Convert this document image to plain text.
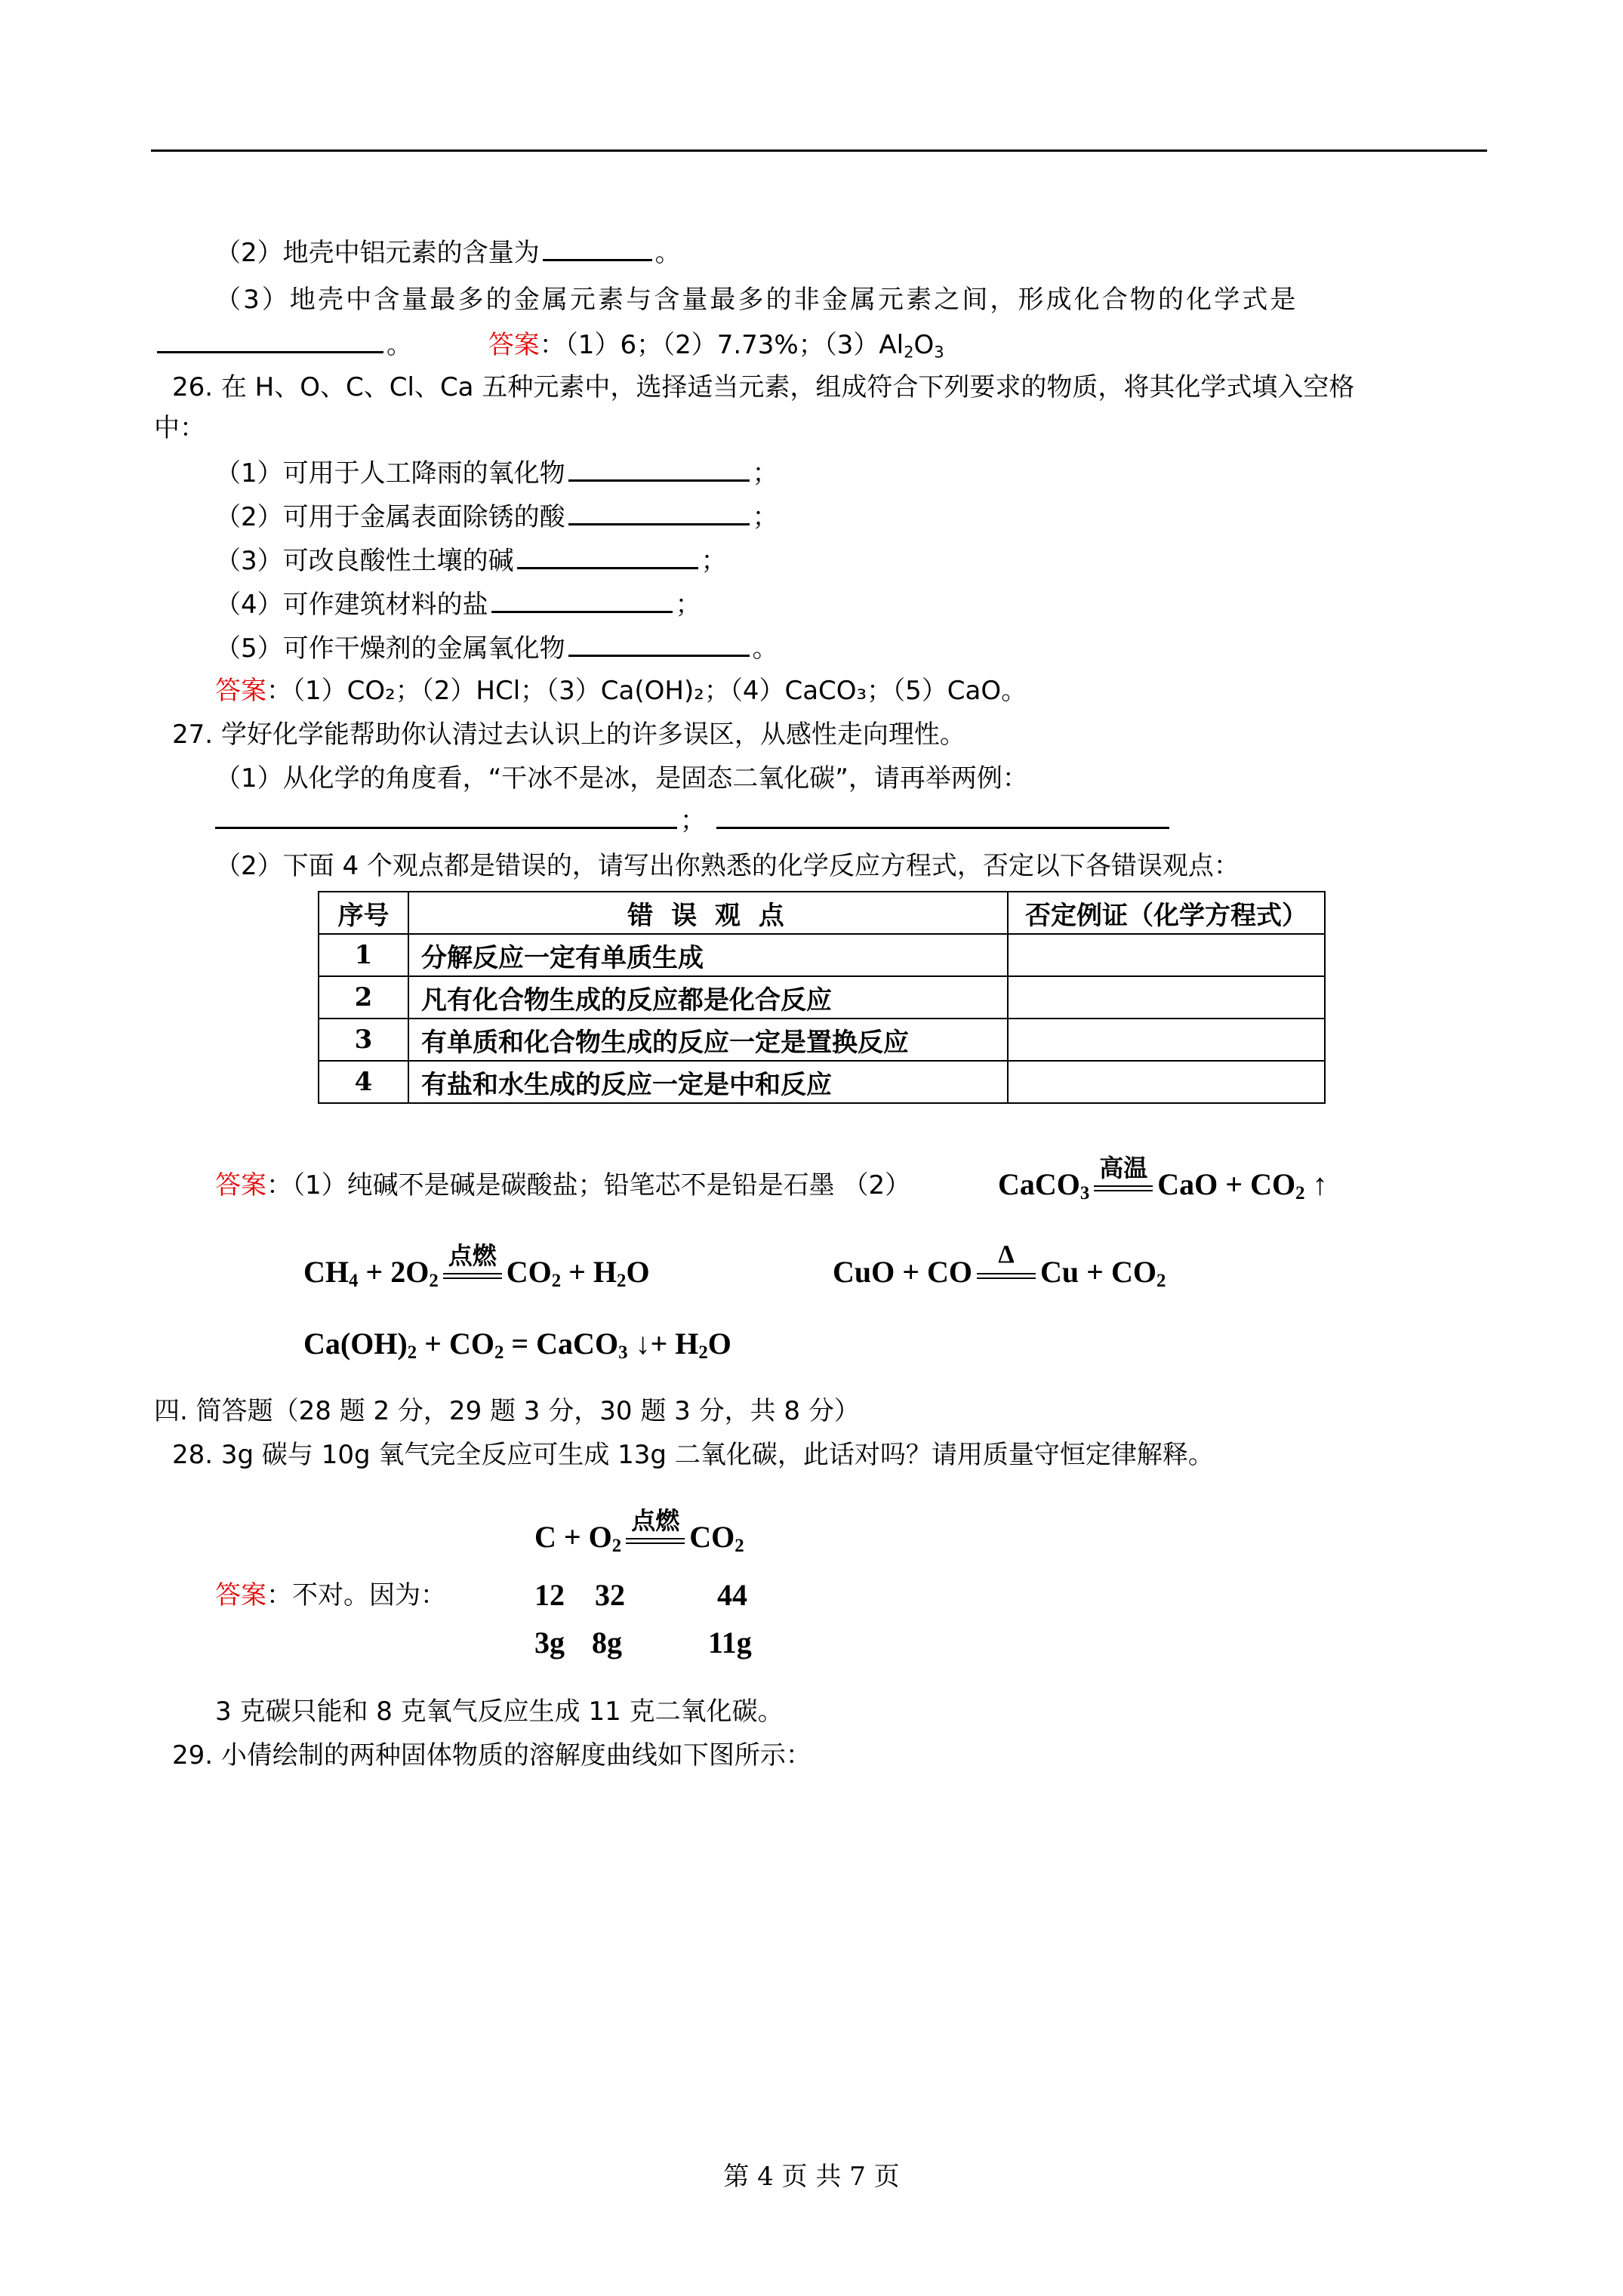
（2）地壳中铝元素的含量为	。
（3）地壳中含量最多的金属元素与含量最多的非金属元素之间，形成化合物的化学式是
。	答案：（1）6；（2）7.73%；$(3)Al_2O_3$
26. 在 H、O、C、Cl、Ca 五种元素中，选择适当元素，组成符合下列要求的物质，将其化学式填入空格
中：
（1）可用于人工降雨的氧化物	；
（2）可用于金属表面除锈的酸	；
（3）可改良酸性土壤的碱	；
（4）可作建筑材料的盐	；
（5）可作干燥剂的金属氧化物	。
答案：（1）CO₂；（2）HCl；（3）Ca(OH)₂；（4）CaCO₃；（5）CaO。
27. 学好化学能帮助你认清过去认识上的许多误区，从感性走向理性。
（1）从化学的角度看，“干冰不是冰，是固态二氧化碳”，请再举两例：
；
（2）下面 4 个观点都是错误的，请写出你熟悉的化学反应方程式，否定以下各错误观点：
序号	错 误 观 点	否定例证（化学方程式）
1	分解反应一定有单质生成	
2	凡有化合物生成的反应都是化合反应	
3	有单质和化合物生成的反应一定是置换反应	
4	有盐和水生成的反应一定是中和反应	
答案：（1）纯碱不是碱是碳酸盐；铅笔芯不是铅是石墨 （2）	CaCO$_3$
高温 CaO + $CO_2$ ↑
$CH_4 + 2O_2$
点燃 $CO_2 + H_2O$	CuO + CO
Δ
$Cu + CO_2$
$Ca(OH)_2 + CO_2$ = CaCO$_3$ ↓+ $H_2O$
四. 简答题（28 题 2 分，29 题 3 分，30 题 3 分，共 8 分）
28. 3g 碳与 10g 氧气完全反应可生成 13g 二氧化碳，此话对吗？请用质量守恒定律解释。
$C + O_2$
点燃 $CO_2$
答案：不对。因为：	12 32	44
3g 8g	11g
3 克碳只能和 8 克氧气反应生成 11 克二氧化碳。
29. 小倩绘制的两种固体物质的溶解度曲线如下图所示：
第 4 页 共 7 页
